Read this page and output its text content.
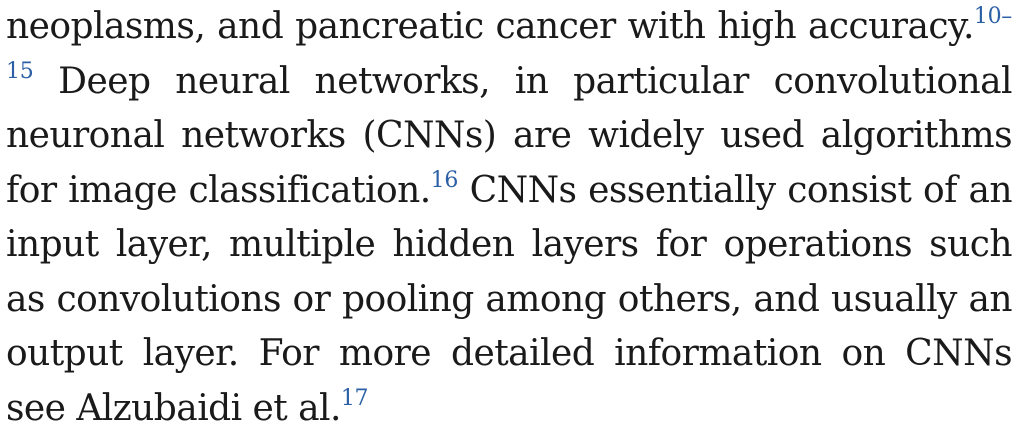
neoplasms, and pancreatic cancer with high accuracy.$^{10-15}$ Deep neural networks, in particular convolutional neuronal networks (CNNs) are widely used algorithms for image classification.$^{16}$ CNNs essentially consist of an input layer, multiple hidden layers for operations such as convolutions or pooling among others, and usually an output layer. For more detailed information on CNNs see Alzubaidi et al.$^{17}$
